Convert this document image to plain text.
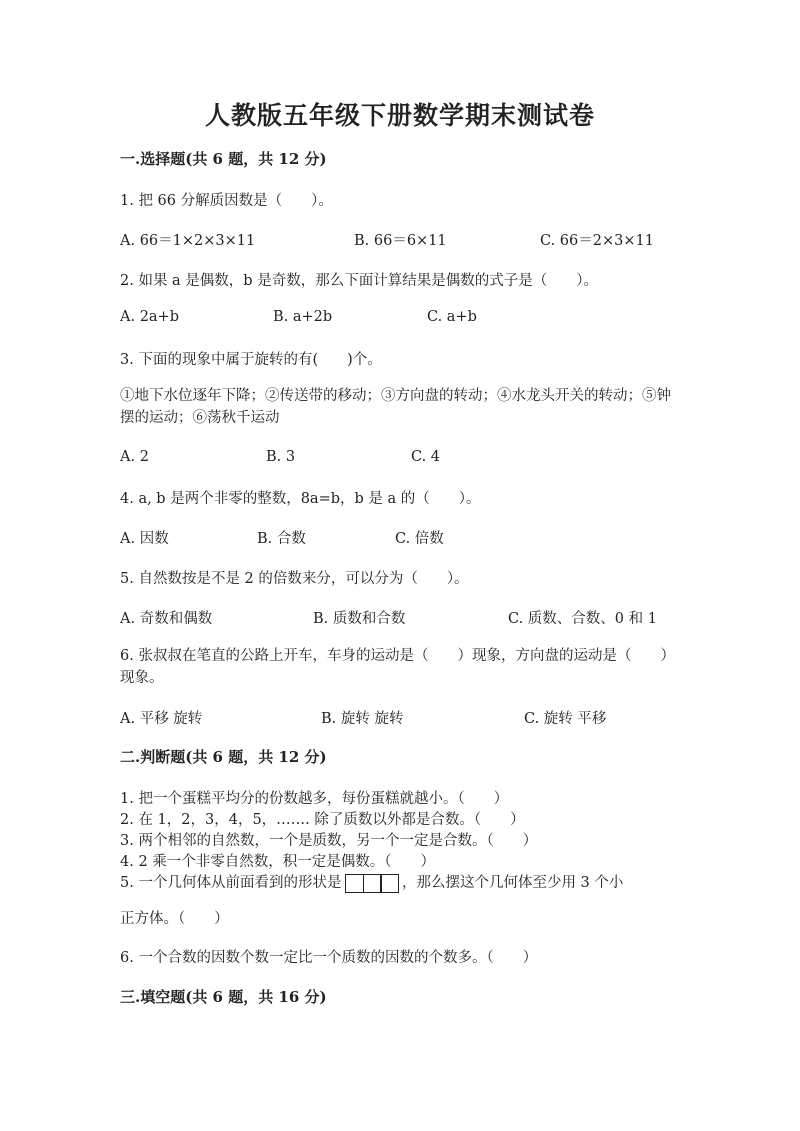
人教版五年级下册数学期末测试卷
一.选择题(共 6 题，共 12 分)
1. 把 66 分解质因数是（　　）。
A. 66＝1×2×3×11	B. 66＝6×11	C. 66＝2×3×11
2. 如果 a 是偶数，b 是奇数，那么下面计算结果是偶数的式子是（　　）。
A. 2a+b	B. a+2b	C. a+b
3. 下面的现象中属于旋转的有(　　)个。
①地下水位逐年下降；②传送带的移动；③方向盘的转动；④水龙头开关的转动；⑤钟摆的运动；⑥荡秋千运动
A. 2	B. 3	C. 4
4. a, b 是两个非零的整数，8a=b，b 是 a 的（　　）。
A. 因数	B. 合数	C. 倍数
5. 自然数按是不是 2 的倍数来分，可以分为（　　）。
A. 奇数和偶数	B. 质数和合数	C. 质数、合数、0 和 1
6. 张叔叔在笔直的公路上开车，车身的运动是（　　）现象，方向盘的运动是（　　）现象。
A. 平移 旋转	B. 旋转 旋转	C. 旋转 平移
二.判断题(共 6 题，共 12 分)
1. 把一个蛋糕平均分的份数越多，每份蛋糕就越小。（　　）
2. 在 1，2，3，4，5，……. 除了质数以外都是合数。（　　）
3. 两个相邻的自然数，一个是质数，另一个一定是合数。（　　）
4. 2 乘一个非零自然数，积一定是偶数。（　　）
5. 一个几何体从前面看到的形状是	，那么摆这个几何体至少用 3 个小
正方体。（　　）
6. 一个合数的因数个数一定比一个质数的因数的个数多。（　　）
三.填空题(共 6 题，共 16 分)
